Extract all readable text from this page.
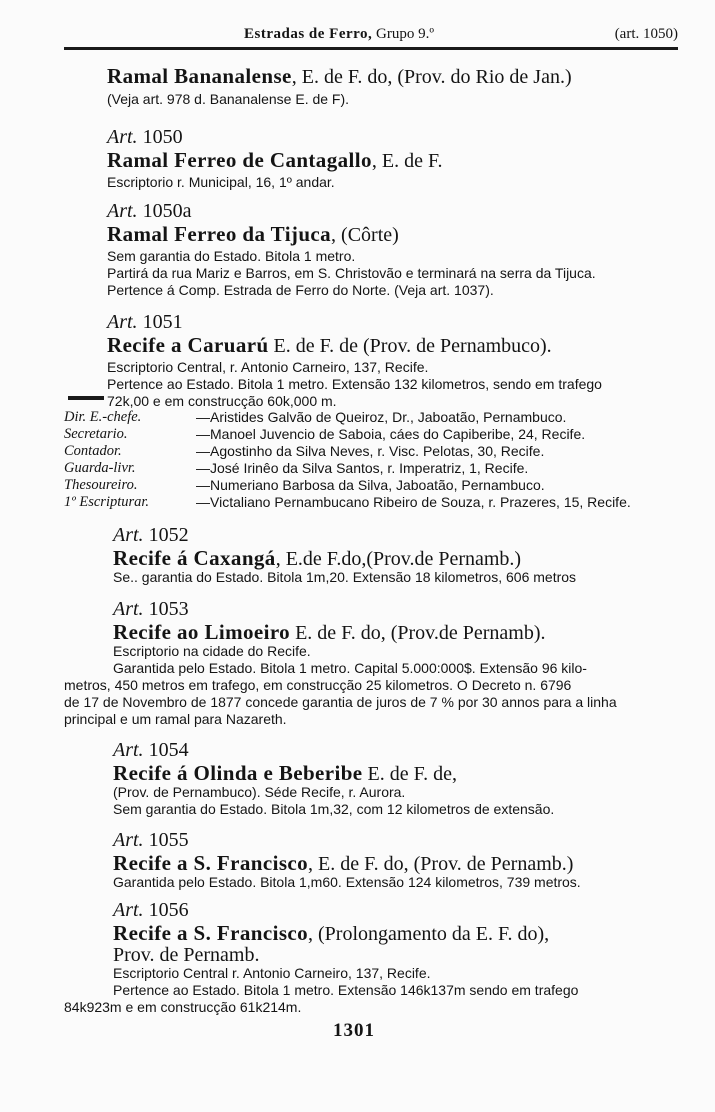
Estradas de Ferro, Grupo 9.º	(art. 1050)
Ramal Bananalense, E. de F. do, (Prov. do Rio de Jan.)
(Veja art. 978 d. Bananalense E. de F).
Art. 1050
Ramal Ferreo de Cantagallo, E. de F.
Escriptorio r. Municipal, 16, 1º andar.
Art. 1050a
Ramal Ferreo da Tijuca, (Côrte)
Sem garantia do Estado. Bitola 1 metro.
Partirá da rua Mariz e Barros, em S. Christovão e terminará na serra da Tijuca.
Pertence á Comp. Estrada de Ferro do Norte. (Veja art. 1037).
Art. 1051
Recife a Caruarú E. de F. de (Prov. de Pernambuco).
Escriptorio Central, r. Antonio Carneiro, 137, Recife.
Pertence ao Estado. Bitola 1 metro. Extensão 132 kilometros, sendo em trafego
72k,00 e em construcção 60k,000 m.
Dir. E.-chefe.	—Aristides Galvão de Queiroz, Dr., Jaboatão, Pernambuco.
Secretario.	—Manoel Juvencio de Saboia, cáes do Capiberibe, 24, Recife.
Contador.	—Agostinho da Silva Neves, r. Visc. Pelotas, 30, Recife.
Guarda-livr.	—José Irinêo da Silva Santos, r. Imperatriz, 1, Recife.
Thesoureiro.	—Numeriano Barbosa da Silva, Jaboatão, Pernambuco.
1º Escripturar.	—Victaliano Pernambucano Ribeiro de Souza, r. Prazeres, 15, Recife.
Art. 1052
Recife á Caxangá, E.de F.do,(Prov.de Pernamb.)
Se.. garantia do Estado. Bitola 1m,20. Extensão 18 kilometros, 606 metros
Art. 1053
Recife ao Limoeiro E. de F. do, (Prov.de Pernamb).
Escriptorio na cidade do Recife.
Garantida pelo Estado. Bitola 1 metro. Capital 5.000:000$. Extensão 96 kilo-
metros, 450 metros em trafego, em construcção 25 kilometros. O Decreto n. 6796
de 17 de Novembro de 1877 concede garantia de juros de 7 % por 30 annos para a linha
principal e um ramal para Nazareth.
Art. 1054
Recife á Olinda e Beberibe E. de F. de,
(Prov. de Pernambuco). Séde Recife, r. Aurora.
Sem garantia do Estado. Bitola 1m,32, com 12 kilometros de extensão.
Art. 1055
Recife a S. Francisco, E. de F. do, (Prov. de Pernamb.)
Garantida pelo Estado. Bitola 1,m60. Extensão 124 kilometros, 739 metros.
Art. 1056
Recife a S. Francisco, (Prolongamento da E. F. do),
Prov. de Pernamb.
Escriptorio Central r. Antonio Carneiro, 137, Recife.
Pertence ao Estado. Bitola 1 metro. Extensão 146k137m sendo em trafego
84k923m e em construcção 61k214m.
1301
